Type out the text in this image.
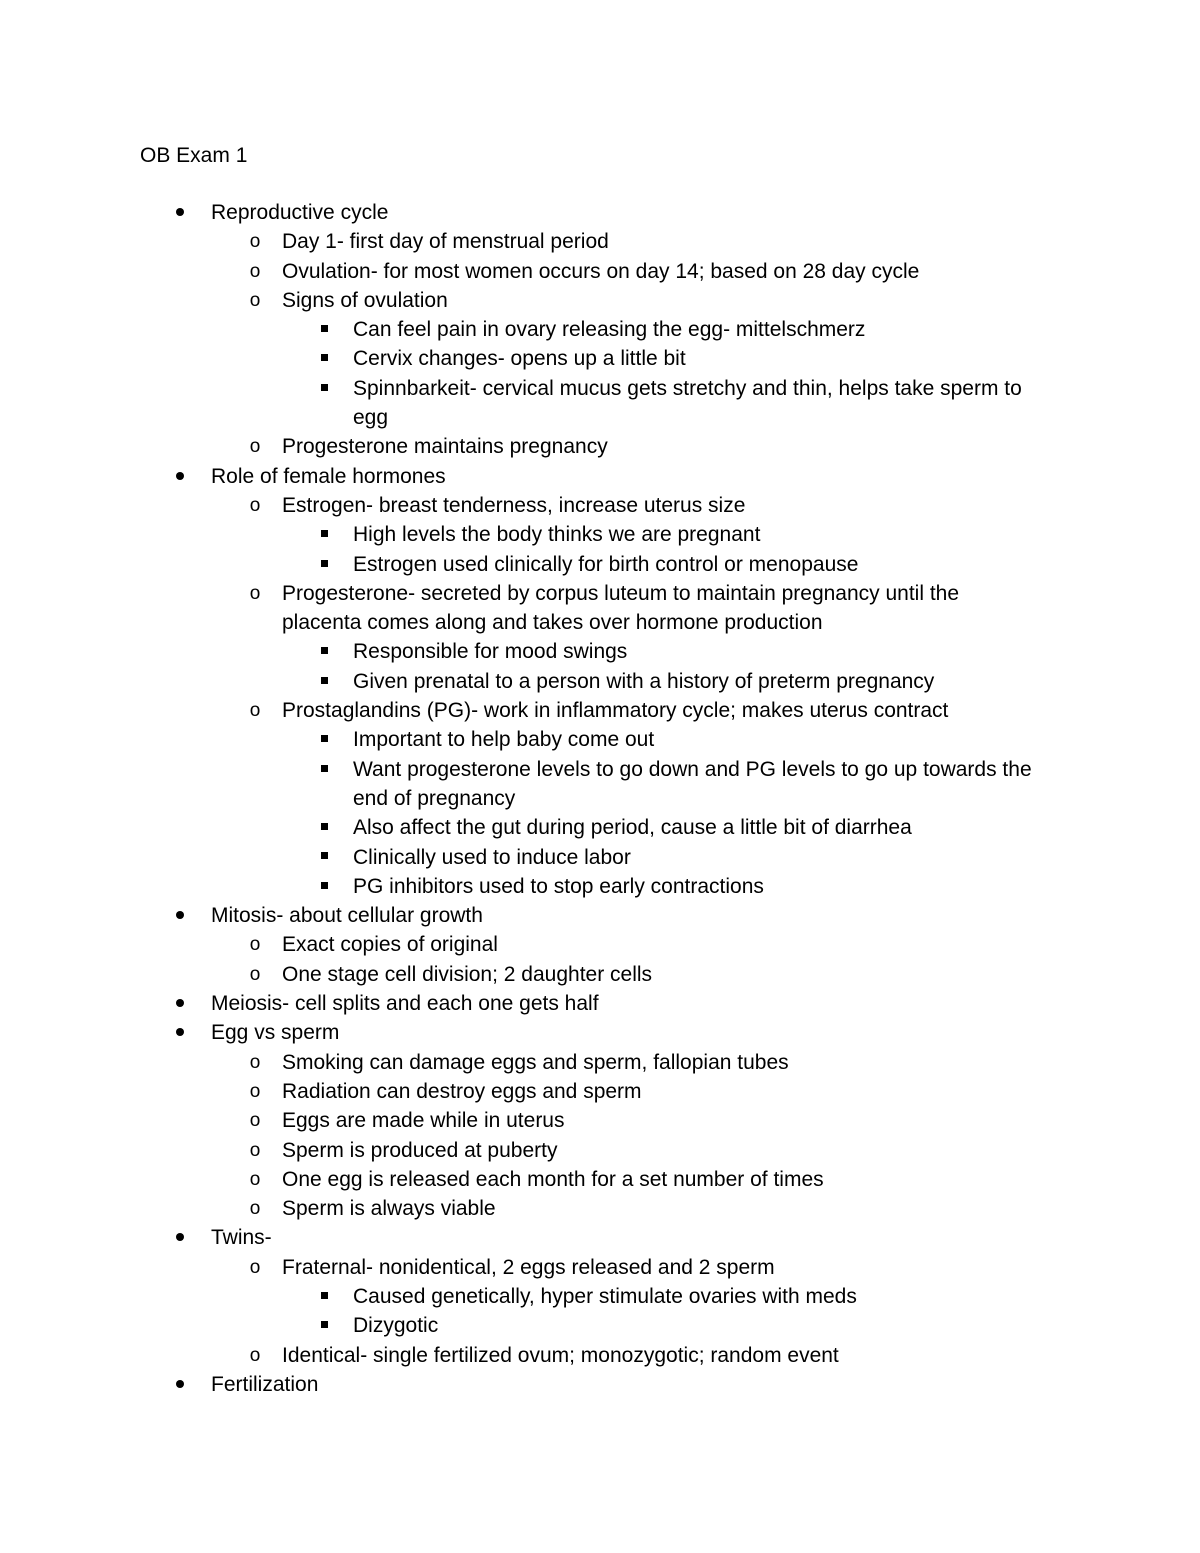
OB Exam 1
Reproductive cycle
o Day 1- first day of menstrual period
o Ovulation- for most women occurs on day 14; based on 28 day cycle
o Signs of ovulation
Can feel pain in ovary releasing the egg- mittelschmerz
Cervix changes- opens up a little bit
Spinnbarkeit- cervical mucus gets stretchy and thin, helps take sperm to egg
o Progesterone maintains pregnancy
Role of female hormones
o Estrogen- breast tenderness, increase uterus size
High levels the body thinks we are pregnant
Estrogen used clinically for birth control or menopause
o Progesterone- secreted by corpus luteum to maintain pregnancy until the placenta comes along and takes over hormone production
Responsible for mood swings
Given prenatal to a person with a history of preterm pregnancy
o Prostaglandins (PG)- work in inflammatory cycle; makes uterus contract
Important to help baby come out
Want progesterone levels to go down and PG levels to go up towards the end of pregnancy
Also affect the gut during period, cause a little bit of diarrhea
Clinically used to induce labor
PG inhibitors used to stop early contractions
Mitosis- about cellular growth
o Exact copies of original
o One stage cell division; 2 daughter cells
Meiosis- cell splits and each one gets half
Egg vs sperm
o Smoking can damage eggs and sperm, fallopian tubes
o Radiation can destroy eggs and sperm
o Eggs are made while in uterus
o Sperm is produced at puberty
o One egg is released each month for a set number of times
o Sperm is always viable
Twins-
o Fraternal- nonidentical, 2 eggs released and 2 sperm
Caused genetically, hyper stimulate ovaries with meds
Dizygotic
o Identical- single fertilized ovum; monozygotic; random event
Fertilization
